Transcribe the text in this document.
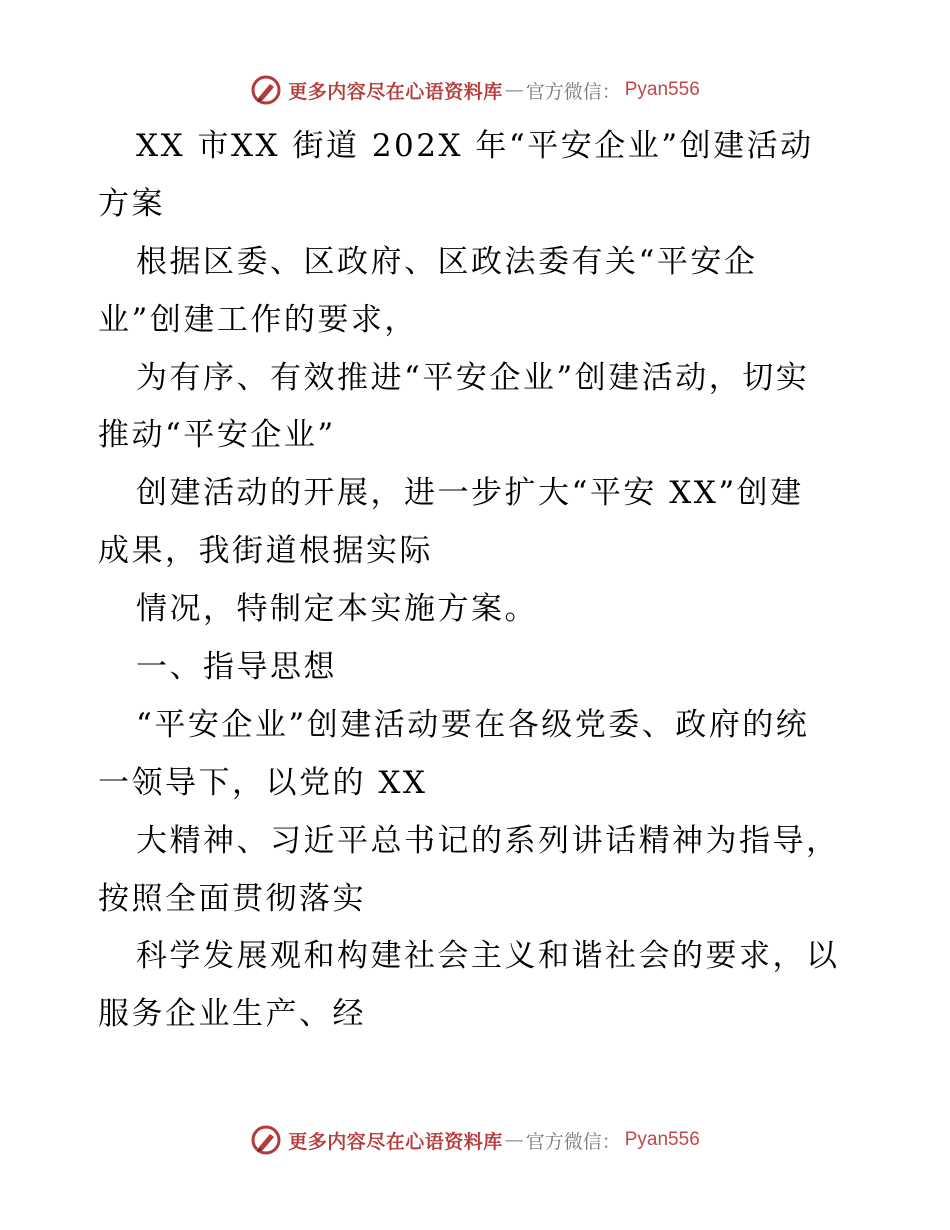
更多内容尽在心语资料库 — 官方微信： Pyan556
XX 市XX 街道 202X 年“平安企业”创建活动
方案
根据区委、区政府、区政法委有关“平安企
业”创建工作的要求，
为有序、有效推进“平安企业”创建活动，切实
推动“平安企业”
创建活动的开展，进一步扩大“平安 XX”创建
成果，我街道根据实际
情况，特制定本实施方案。
一、指导思想
“平安企业”创建活动要在各级党委、政府的统
一领导下，以党的 XX
大精神、习近平总书记的系列讲话精神为指导，
按照全面贯彻落实
科学发展观和构建社会主义和谐社会的要求，以
服务企业生产、经
更多内容尽在心语资料库 — 官方微信： Pyan556
